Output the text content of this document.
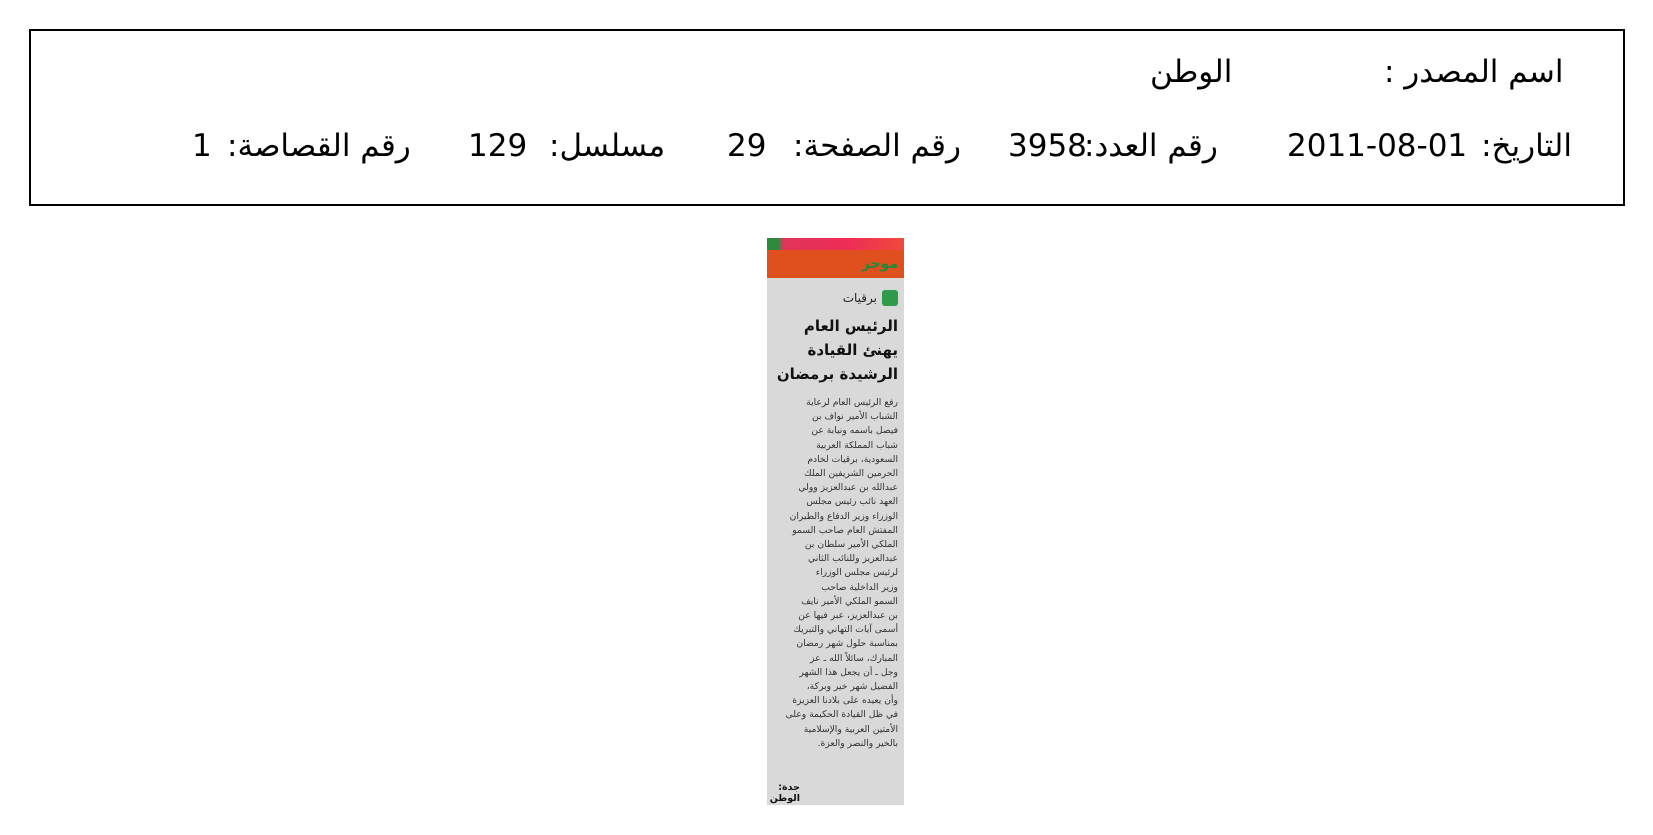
اسم المصدر :
الوطن
التاريخ:
2011-08-01
رقم العدد:
3958
رقم الصفحة:
29
مسلسل:
129
رقم القصاصة:
1
موجز
برقيات
الرئيس العام
يهنئ القيادة
الرشيدة برمضان
رفع الرئيس العام لرعاية
الشباب الأمير نواف بن
فيصل باسمه ونيابة عن
شباب المملكة العربية
السعودية، برقيات لخادم
الحرمين الشريفين الملك
عبدالله بن عبدالعزيز وولي
العهد نائب رئيس مجلس
الوزراء وزير الدفاع والطيران
المفتش العام صاحب السمو
الملكي الأمير سلطان بن
عبدالعزيز وللنائب الثاني
لرئيس مجلس الوزراء
وزير الداخلية صاحب
السمو الملكي الأمير نايف
بن عبدالعزيز، عبر فيها عن
أسمى آيات التهاني والتبريك
بمناسبة حلول شهر رمضان
المبارك، سائلاً الله ـ عز
وجل ـ أن يجعل هذا الشهر
الفضيل شهر خير وبركة،
وأن يعيده على بلادنا العزيزة
في ظل القيادة الحكيمة وعلى
الأمتين العربية والإسلامية
بالخير والنصر والعزة.
جدة: الوطن
